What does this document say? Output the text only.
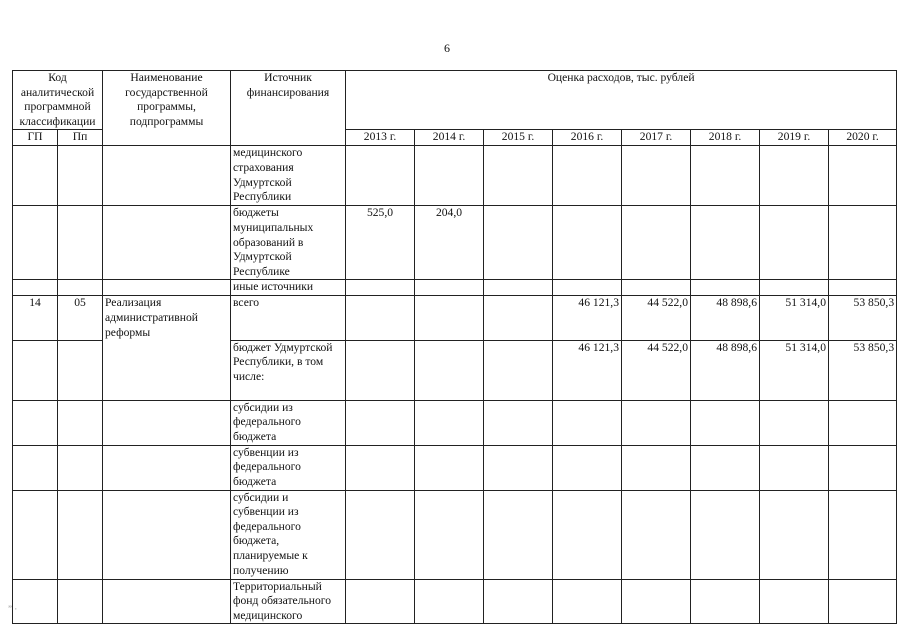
6
Код аналитической программной классификации		Наименование государственной программы, подпрограммы	Источник финансирования	Оценка расходов, тыс. рублей							
ГП	Пп			2013 г.	2014 г.	2015 г.	2016 г.	2017 г.	2018 г.	2019 г.	2020 г.
			медицинского страхования Удмуртской Республики								
			бюджеты муниципальных образований в Удмуртской Республике	525,0	204,0						
			иные источники								
14	05	Реализация административной реформы	всего				46 121,3	44 522,0	48 898,6	51 314,0	53 850,3
			бюджет Удмуртской Республики, в том числе:				46 121,3	44 522,0	48 898,6	51 314,0	53 850,3
			субсидии из федерального бюджета								
			субвенции из федерального бюджета								
			субсидии и субвенции из федерального бюджета, планируемые к получению								
			Территориальный фонд обязательного медицинского								
” ⋅
